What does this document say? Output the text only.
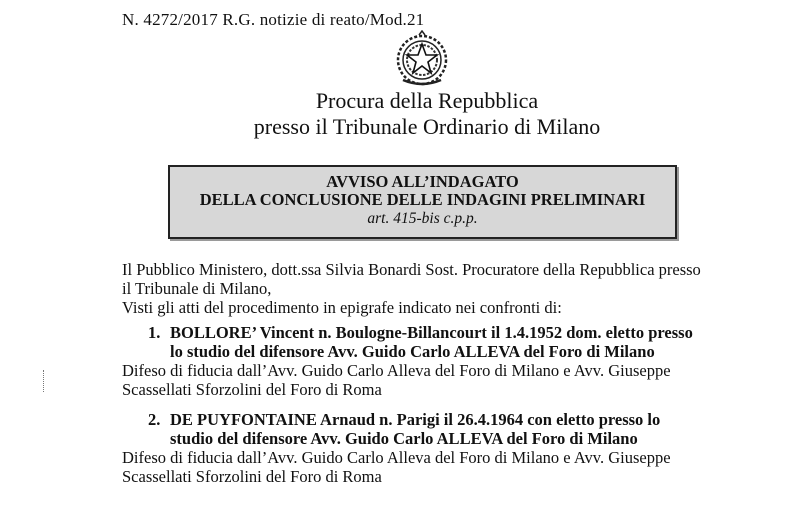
N. 4272/2017 R.G. notizie di reato/Mod.21
Procura della Repubblica
presso il Tribunale Ordinario di Milano
AVVISO ALL’INDAGATO
DELLA CONCLUSIONE DELLE INDAGINI PRELIMINARI
art. 415-bis c.p.p.

Il Pubblico Ministero, dott.ssa Silvia Bonardi Sost. Procuratore della Repubblica presso

il Tribunale di Milano,

Visti gli atti del procedimento in epigrafe indicato nei confronti di:

1. BOLLORE’ Vincent n. Boulogne-Billancourt il 1.4.1952 dom. eletto presso
lo studio del difensore Avv. Guido Carlo ALLEVA del Foro di Milano
Difeso di fiducia dall’Avv. Guido Carlo Alleva del Foro di Milano e Avv. Giuseppe
Scassellati Sforzolini del Foro di Roma
2. DE PUYFONTAINE Arnaud n. Parigi il 26.4.1964 con eletto presso lo
studio del difensore Avv. Guido Carlo ALLEVA del Foro di Milano
Difeso di fiducia dall’Avv. Guido Carlo Alleva del Foro di Milano e Avv. Giuseppe
Scassellati Sforzolini del Foro di Roma
